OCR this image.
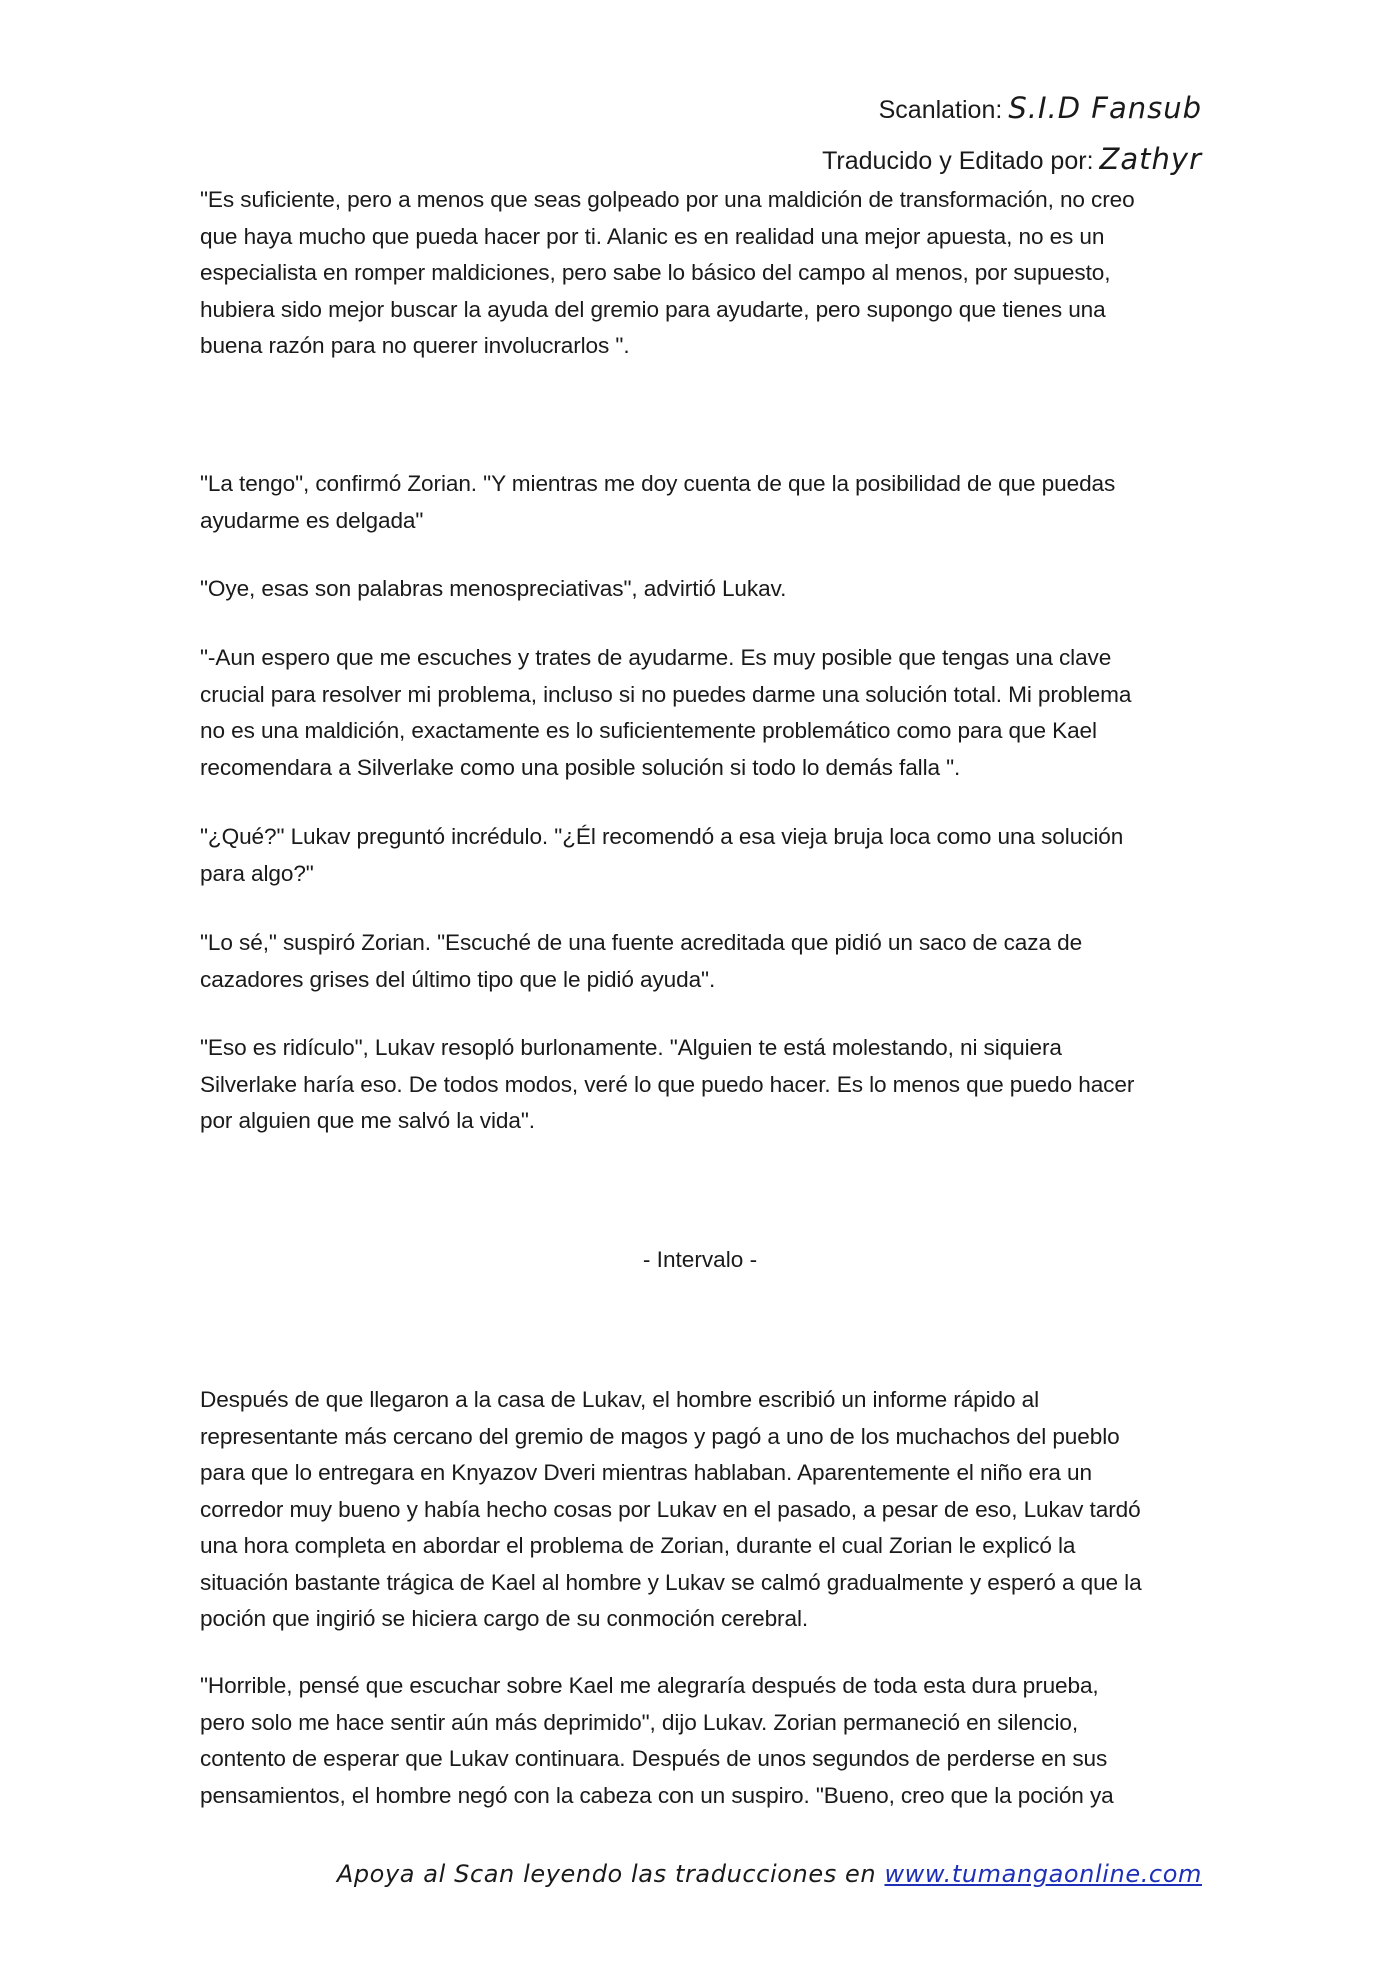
Scanlation: S.I.D Fansub
Traducido y Editado por: Zathyr

"Es suficiente, pero a menos que seas golpeado por una maldición de transformación, no creo
que haya mucho que pueda hacer por ti. Alanic es en realidad una mejor apuesta, no es un
especialista en romper maldiciones, pero sabe lo básico del campo al menos, por supuesto,
hubiera sido mejor buscar la ayuda del gremio para ayudarte, pero supongo que tienes una
buena razón para no querer involucrarlos ".

"La tengo", confirmó Zorian. "Y mientras me doy cuenta de que la posibilidad de que puedas
ayudarme es delgada"

"Oye, esas son palabras menospreciativas", advirtió Lukav.

"-Aun espero que me escuches y trates de ayudarme. Es muy posible que tengas una clave
crucial para resolver mi problema, incluso si no puedes darme una solución total. Mi problema
no es una maldición, exactamente es lo suficientemente problemático como para que Kael
recomendara a Silverlake como una posible solución si todo lo demás falla ".

"¿Qué?" Lukav preguntó incrédulo. "¿Él recomendó a esa vieja bruja loca como una solución
para algo?"

"Lo sé," suspiró Zorian. "Escuché de una fuente acreditada que pidió un saco de caza de
cazadores grises del último tipo que le pidió ayuda".

"Eso es ridículo", Lukav resopló burlonamente. "Alguien te está molestando, ni siquiera
Silverlake haría eso. De todos modos, veré lo que puedo hacer. Es lo menos que puedo hacer
por alguien que me salvó la vida".

- Intervalo -

Después de que llegaron a la casa de Lukav, el hombre escribió un informe rápido al
representante más cercano del gremio de magos y pagó a uno de los muchachos del pueblo
para que lo entregara en Knyazov Dveri mientras hablaban. Aparentemente el niño era un
corredor muy bueno y había hecho cosas por Lukav en el pasado, a pesar de eso, Lukav tardó
una hora completa en abordar el problema de Zorian, durante el cual Zorian le explicó la
situación bastante trágica de Kael al hombre y Lukav se calmó gradualmente y esperó a que la
poción que ingirió se hiciera cargo de su conmoción cerebral.

"Horrible, pensé que escuchar sobre Kael me alegraría después de toda esta dura prueba,
pero solo me hace sentir aún más deprimido", dijo Lukav. Zorian permaneció en silencio,
contento de esperar que Lukav continuara. Después de unos segundos de perderse en sus
pensamientos, el hombre negó con la cabeza con un suspiro. "Bueno, creo que la poción ya

Apoya al Scan leyendo las traducciones en www.tumangaonline.com
